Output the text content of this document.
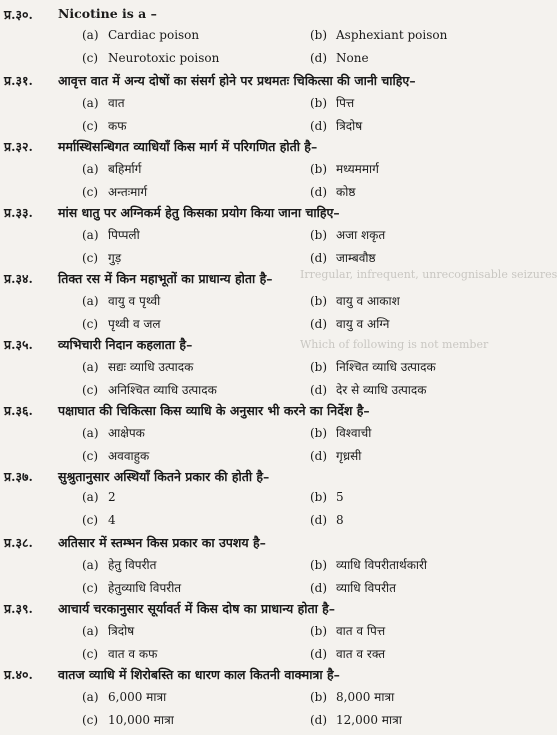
Irregular, infrequent, unrecognisable seizures
Which of following is not member
प्र.३०. Nicotine is a –
(a) Cardiac poison	(b) Asphexiant poison
(c) Neurotoxic poison	(d) None
प्र.३१. आवृत्त वात में अन्य दोषों का संसर्ग होने पर प्रथमतः चिकित्सा की जानी चाहिए–
(a) वात	(b) पित्त
(c) कफ	(d) त्रिदोष
प्र.३२. मर्मास्थिसन्धिगत व्याधियाँ किस मार्ग में परिगणित होती है–
(a) बहिर्मार्ग	(b) मध्यममार्ग
(c) अन्तःमार्ग	(d) कोष्ठ
प्र.३३. मांस धातु पर अग्निकर्म हेतु किसका प्रयोग किया जाना चाहिए–
(a) पिप्पली	(b) अजा शकृत
(c) गुड़	(d) जाम्बवौष्ठ
प्र.३४. तिक्त रस में किन महाभूतों का प्राधान्य होता है–
(a) वायु व पृथ्वी	(b) वायु व आकाश
(c) पृथ्वी व जल	(d) वायु व अग्नि
प्र.३५. व्यभिचारी निदान कहलाता है–
(a) सद्यः व्याधि उत्पादक	(b) निश्चित व्याधि उत्पादक
(c) अनिश्चित व्याधि उत्पादक	(d) देर से व्याधि उत्पादक
प्र.३६. पक्षाघात की चिकित्सा किस व्याधि के अनुसार भी करने का निर्देश है–
(a) आक्षेपक	(b) विश्वाची
(c) अववाहुक	(d) गृध्रसी
प्र.३७. सुश्रुतानुसार अस्थियाँ कितने प्रकार की होती है–
(a) 2	(b) 5
(c) 4	(d) 8
प्र.३८. अतिसार में स्तम्भन किस प्रकार का उपशय है–
(a) हेतु विपरीत	(b) व्याधि विपरीतार्थकारी
(c) हेतुव्याधि विपरीत	(d) व्याधि विपरीत
प्र.३९. आचार्य चरकानुसार सूर्यावर्त में किस दोष का प्राधान्य होता है–
(a) त्रिदोष	(b) वात व पित्त
(c) वात व कफ	(d) वात व रक्त
प्र.४०. वातज व्याधि में शिरोबस्ति का धारण काल कितनी वाक्मात्रा है–
(a) 6,000 मात्रा	(b) 8,000 मात्रा
(c) 10,000 मात्रा	(d) 12,000 मात्रा
